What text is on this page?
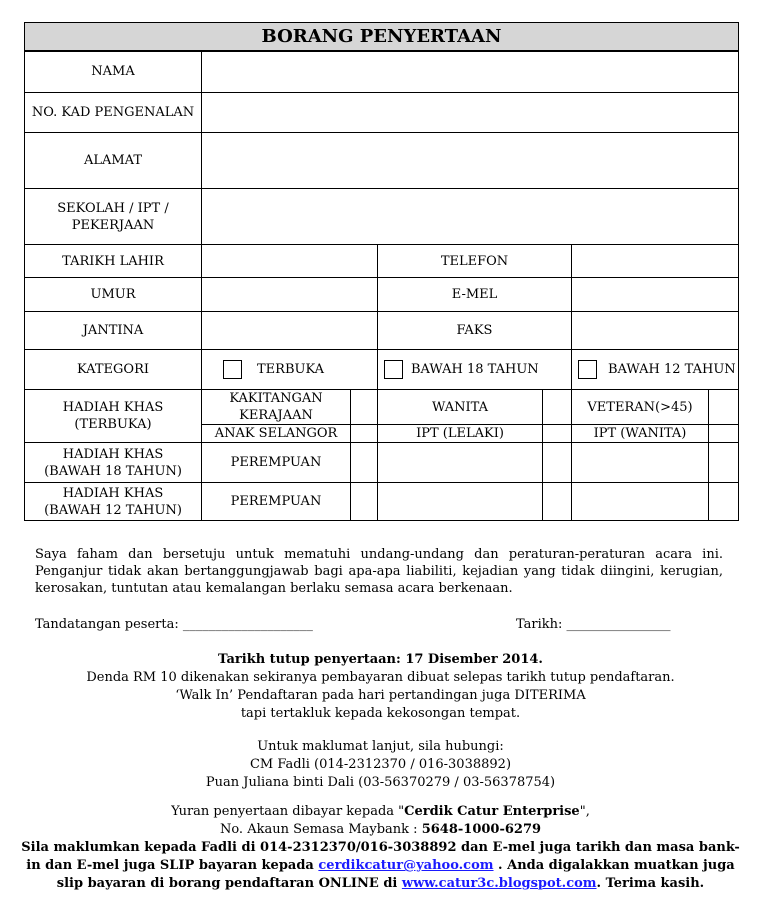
BORANG PENYERTAAN						
NAMA						
NO. KAD PENGENALAN						
ALAMAT						
SEKOLAH / IPT / PEKERJAAN						
TARIKH LAHIR			TELEFON			
UMUR			E-MEL			
JANTINA			FAKS			
KATEGORI	TERBUKA		BAWAH 18 TAHUN		BAWAH 12 TAHUN	
HADIAH KHAS (TERBUKA)	KAKITANGAN KERAJAAN		WANITA		VETERAN(>45)	
	ANAK SELANGOR		IPT (LELAKI)		IPT (WANITA)	
HADIAH KHAS (BAWAH 18 TAHUN)	PEREMPUAN					
HADIAH KHAS (BAWAH 12 TAHUN)	PEREMPUAN					

Saya faham dan bersetuju untuk mematuhi undang-undang dan peraturan-peraturan acara ini. Penganjur tidak akan bertanggungjawab bagi apa-apa liabiliti, kejadian yang tidak diingini, kerugian, kerosakan, tuntutan atau kemalangan berlaku semasa acara berkenaan.

Tandatangan peserta: ____________________	Tarikh: ________________
Tarikh tutup penyertaan: 17 Disember 2014.
Denda RM 10 dikenakan sekiranya pembayaran dibuat selepas tarikh tutup pendaftaran.
‘Walk In’ Pendaftaran pada hari pertandingan juga DITERIMA
tapi tertakluk kepada kekosongan tempat.
Untuk maklumat lanjut, sila hubungi:
CM Fadli (014-2312370 / 016-3038892)
Puan Juliana binti Dali (03-56370279 / 03-56378754)
Yuran penyertaan dibayar kepada "Cerdik Catur Enterprise",
No. Akaun Semasa Maybank : 5648-1000-6279
Sila maklumkan kepada Fadli di 014-2312370/016-3038892 dan E-mel juga tarikh dan masa bank-in dan E-mel juga SLIP bayaran kepada cerdikcatur@yahoo.com . Anda digalakkan muatkan juga slip bayaran di borang pendaftaran ONLINE di www.catur3c.blogspot.com. Terima kasih.
